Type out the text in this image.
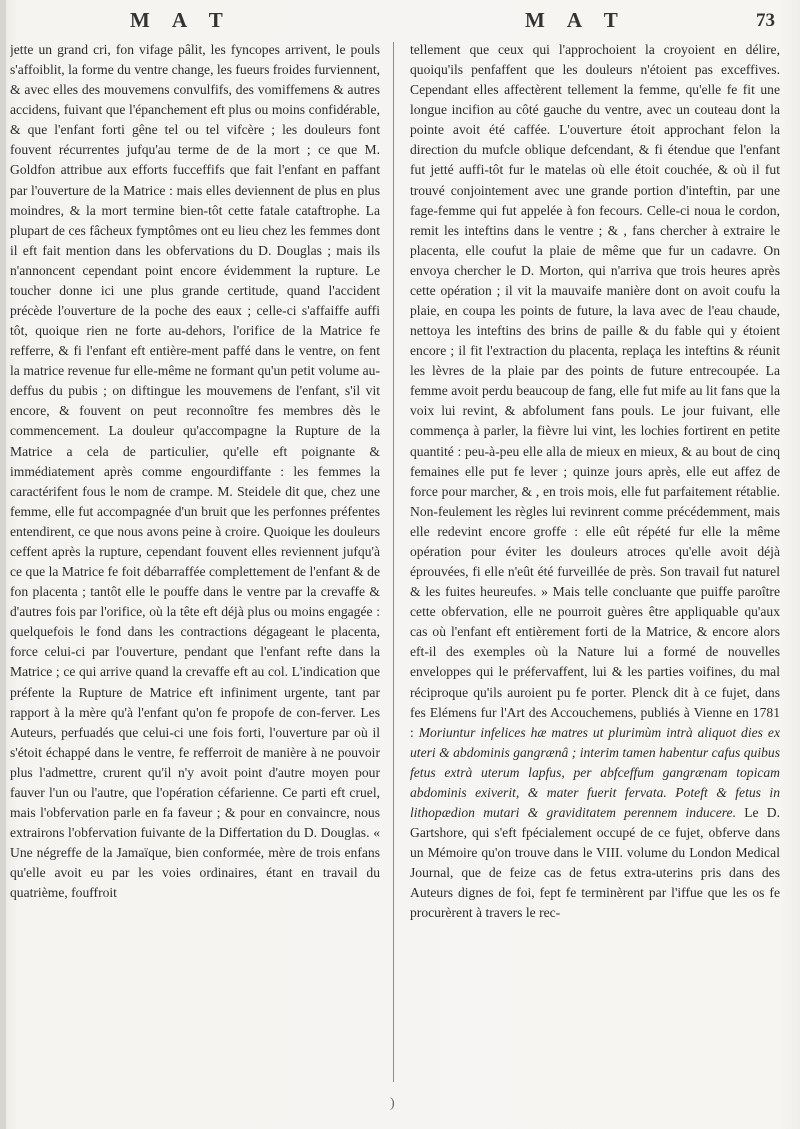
M A T	M A T	73

jette un grand cri, fon vifage pâlit, les fyncopes arrivent, le pouls s'affoiblit, la forme du ventre change, les fueurs froides furviennent, & avec elles des mouvemens convulfifs, des vomiffemens & autres accidens, fuivant que l'épanchement eft plus ou moins confidérable, & que l'enfant forti gêne tel ou tel vifcère ; les douleurs font fouvent récurrentes jufqu'au terme de de la mort ; ce que M. Goldfon attribue aux efforts fucceffifs que fait l'enfant en paffant par l'ouverture de la Matrice : mais elles deviennent de plus en plus moindres, & la mort termine bien-tôt cette fatale cataftrophe. La plupart de ces fâcheux fymptômes ont eu lieu chez les femmes dont il eft fait mention dans les obfervations du D. Douglas ; mais ils n'annoncent cependant point encore évidemment la rupture. Le toucher donne ici une plus grande certitude, quand l'accident précède l'ouverture de la poche des eaux ; celle-ci s'affaiffe auffi tôt, quoique rien ne forte au-dehors, l'orifice de la Matrice fe refferre, & fi l'enfant eft entière-ment paffé dans le ventre, on fent la matrice revenue fur elle-même ne formant qu'un petit volume au-deffus du pubis ; on diftingue les mouvemens de l'enfant, s'il vit encore, & fouvent on peut reconnoître fes membres dès le commencement. La douleur qu'accompagne la Rupture de la Matrice a cela de particulier, qu'elle eft poignante & immédiatement après comme engourdiffante : les femmes la caractérifent fous le nom de crampe. M. Steidele dit que, chez une femme, elle fut accompagnée d'un bruit que les perfonnes préfentes entendirent, ce que nous avons peine à croire. Quoique les douleurs ceffent après la rupture, cependant fouvent elles reviennent jufqu'à ce que la Matrice fe foit débarraffée complettement de l'enfant & de fon placenta ; tantôt elle le pouffe dans le ventre par la crevaffe & d'autres fois par l'orifice, où la tête eft déjà plus ou moins engagée : quelquefois le fond dans les contractions dégageant le placenta, force celui-ci par l'ouverture, pendant que l'enfant refte dans la Matrice ; ce qui arrive quand la crevaffe eft au col. L'indication que préfente la Rupture de Matrice eft infiniment urgente, tant par rapport à la mère qu'à l'enfant qu'on fe propofe de con-ferver. Les Auteurs, perfuadés que celui-ci une fois forti, l'ouverture par où il s'étoit échappé dans le ventre, fe refferroit de manière à ne pouvoir plus l'admettre, crurent qu'il n'y avoit point d'autre moyen pour fauver l'un ou l'autre, que l'opération céfarienne. Ce parti eft cruel, mais l'obfervation parle en fa faveur ; & pour en convaincre, nous extrairons l'obfervation fuivante de la Differtation du D. Douglas. « Une négreffe de la Jamaïque, bien conformée, mère de trois enfans qu'elle avoit eu par les voies ordinaires, étant en travail du quatrième, fouffroit

tellement que ceux qui l'approchoient la croyoient en délire, quoiqu'ils penfaffent que les douleurs n'étoient pas exceffives. Cependant elles affectèrent tellement la femme, qu'elle fe fit une longue incifion au côté gauche du ventre, avec un couteau dont la pointe avoit été caffée. L'ouverture étoit approchant felon la direction du mufcle oblique defcendant, & fi étendue que l'enfant fut jetté auffi-tôt fur le matelas où elle étoit couchée, & où il fut trouvé conjointement avec une grande portion d'inteftin, par une fage-femme qui fut appelée à fon fecours. Celle-ci noua le cordon, remit les inteftins dans le ventre ; & , fans chercher à extraire le placenta, elle coufut la plaie de même que fur un cadavre. On envoya chercher le D. Morton, qui n'arriva que trois heures après cette opération ; il vit la mauvaife manière dont on avoit coufu la plaie, en coupa les points de future, la lava avec de l'eau chaude, nettoya les inteftins des brins de paille & du fable qui y étoient encore ; il fit l'extraction du placenta, replaça les inteftins & réunit les lèvres de la plaie par des points de future entrecoupée. La femme avoit perdu beaucoup de fang, elle fut mife au lit fans que la voix lui revint, & abfolument fans pouls. Le jour fuivant, elle commença à parler, la fièvre lui vint, les lochies fortirent en petite quantité : peu-à-peu elle alla de mieux en mieux, & au bout de cinq femaines elle put fe lever ; quinze jours après, elle eut affez de force pour marcher, & , en trois mois, elle fut parfaitement rétablie. Non-feulement les règles lui revinrent comme précédemment, mais elle redevint encore groffe : elle eût répété fur elle la même opération pour éviter les douleurs atroces qu'elle avoit déjà éprouvées, fi elle n'eût été furveillée de près. Son travail fut naturel & les fuites heureufes. » Mais telle concluante que puiffe paroître cette obfervation, elle ne pourroit guères être appliquable qu'aux cas où l'enfant eft entièrement forti de la Matrice, & encore alors eft-il des exemples où la Nature lui a formé de nouvelles enveloppes qui le préfervaffent, lui & les parties voifines, du mal réciproque qu'ils auroient pu fe porter. Plenck dit à ce fujet, dans fes Elémens fur l'Art des Accouchemens, publiés à Vienne en 1781 : Moriuntur infelices hæ matres ut plurimùm intrà aliquot dies ex uteri & abdominis gangrænâ ; interim tamen habentur cafus quibus fetus extrà uterum lapfus, per abfceffum gangrænam topicam abdominis exiverit, & mater fuerit fervata. Poteft & fetus in lithopædion mutari & graviditatem perennem inducere. Le D. Gartshore, qui s'eft fpécialement occupé de ce fujet, obferve dans un Mémoire qu'on trouve dans le VIII. volume du London Medical Journal, que de feize cas de fetus extra-uterins pris dans des Auteurs dignes de foi, fept fe terminèrent par l'iffue que les os fe procurèrent à travers le rec-

)
